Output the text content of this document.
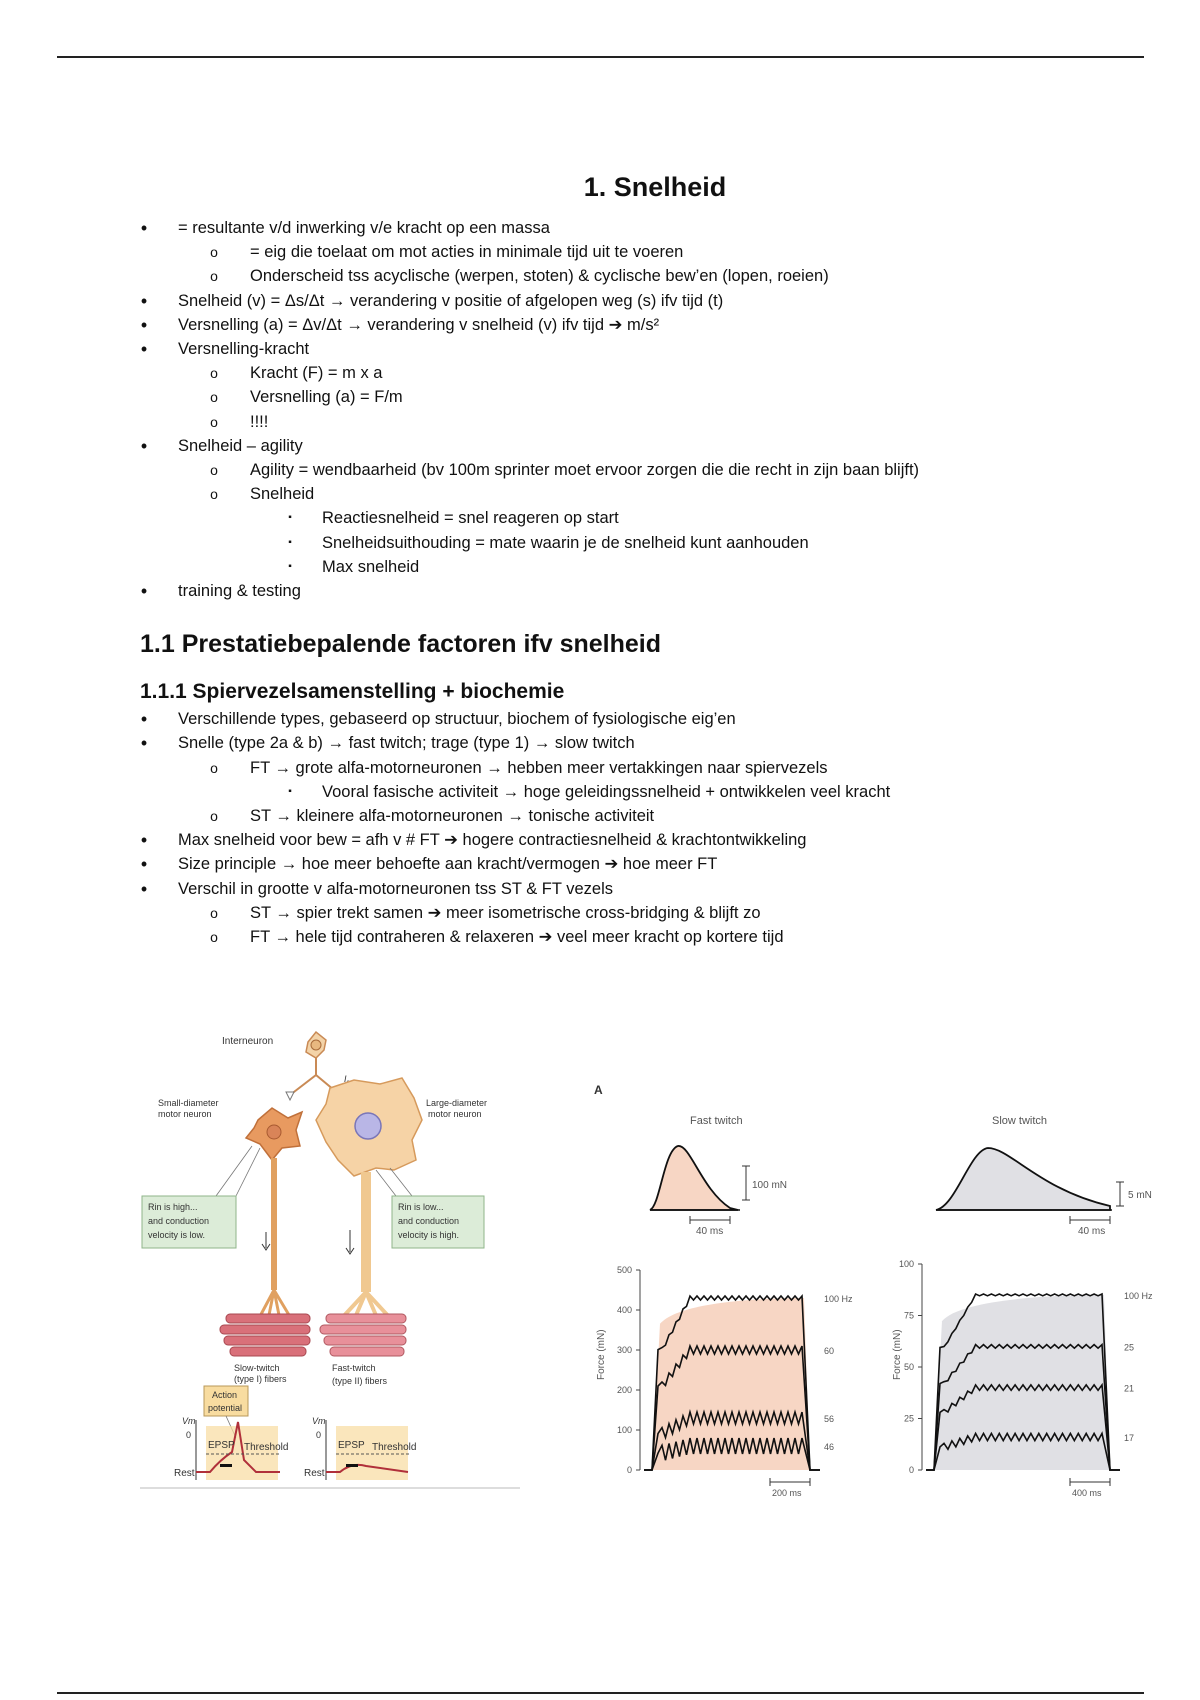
1. Snelheid
• = resultante v/d inwerking v/e kracht op een massa
o = eig die toelaat om mot acties in minimale tijd uit te voeren
o Onderscheid tss acyclische (werpen, stoten) & cyclische bew’en (lopen, roeien)
• Snelheid (v) = Δs/Δt → verandering v positie of afgelopen weg (s) ifv tijd (t)
• Versnelling (a) = Δv/Δt → verandering v snelheid (v) ifv tijd ➔ m/s²
• Versnelling-kracht
o Kracht (F) = m x a
o Versnelling (a) = F/m
o !!!!
• Snelheid – agility
o Agility = wendbaarheid (bv 100m sprinter moet ervoor zorgen die die recht in zijn baan blijft)
o Snelheid
▪	Reactiesnelheid = snel reageren op start
▪	Snelheidsuithouding = mate waarin je de snelheid kunt aanhouden
▪	Max snelheid
• training & testing
1.1 Prestatiebepalende factoren ifv snelheid
1.1.1 Spiervezelsamenstelling + biochemie
• Verschillende types, gebaseerd op structuur, biochem of fysiologische eig’en
• Snelle (type 2a & b) → fast twitch; trage (type 1) → slow twitch
o FT → grote alfa-motorneuronen → hebben meer vertakkingen naar spiervezels
▪	Vooral fasische activiteit → hoge geleidingssnelheid + ontwikkelen veel kracht
o ST → kleinere alfa-motorneuronen → tonische activiteit
• Max snelheid voor bew = afh v # FT ➔ hogere contractiesnelheid & krachtontwikkeling
• Size principle → hoe meer behoefte aan kracht/vermogen ➔ hoe meer FT
• Verschil in grootte v alfa-motorneuronen tss ST & FT vezels
o ST → spier trekt samen ➔ meer isometrische cross-bridging & blijft zo
o FT → hele tijd contraheren & relaxeren ➔ veel meer kracht op kortere tijd
Interneuron
I
Small-diameter
motor neuron
Large-diameter
motor neuron
Rin is high...
and conduction
velocity is low.
Rin is low...
and conduction
velocity is high.
Slow-twitch
(type I) fibers
Fast-twitch
(type II) fibers
Action
potential
Vm	Vm
0	0
EPSP	EPSP
Threshold	Threshold
Rest	Rest
A
Fast twitch	Slow twitch
100 mN
40 ms
5 mN
40 ms
Force (mN)	Force (mN)
0
100
200
300
400
500
100 Hz
60
56
46
200 ms
0
25
50
75
100
100 Hz
25
21
17
400 ms
